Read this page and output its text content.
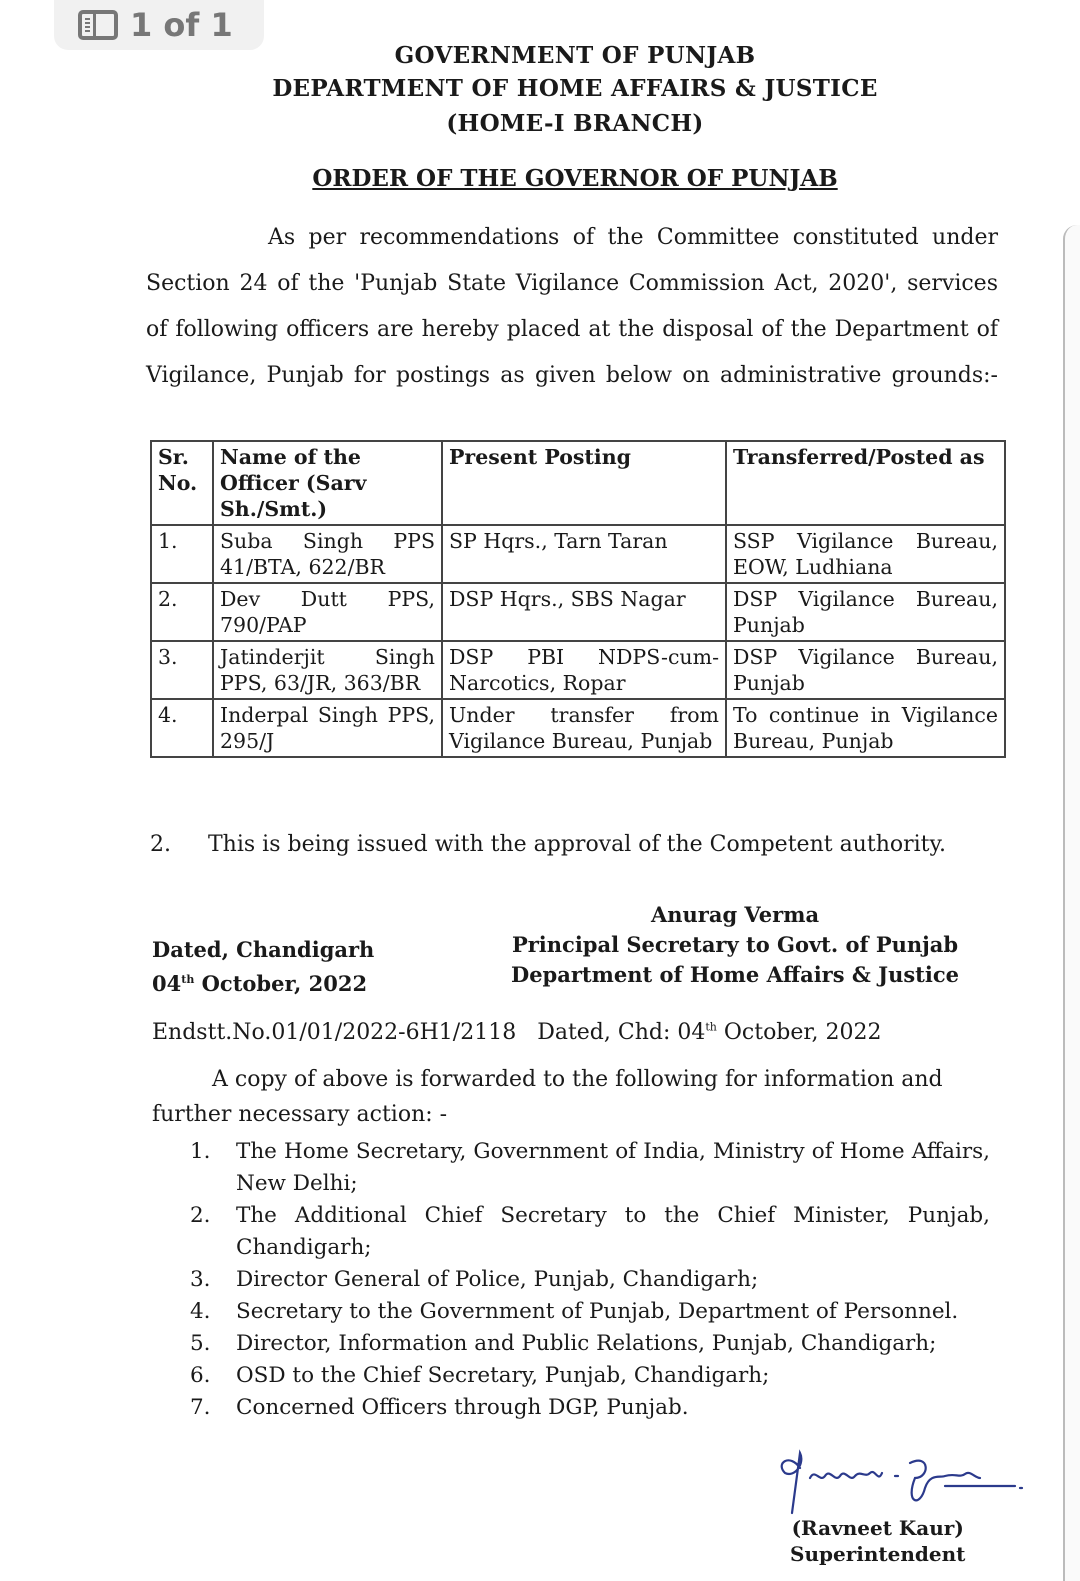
1 of 1
GOVERNMENT OF PUNJAB
DEPARTMENT OF HOME AFFAIRS & JUSTICE
(HOME-I BRANCH)
ORDER OF THE GOVERNOR OF PUNJAB
As per recommendations of the Committee constituted under Section 24 of the 'Punjab State Vigilance Commission Act, 2020', services of following officers are hereby placed at the disposal of the Department of Vigilance, Punjab for postings as given below on administrative grounds:-
Sr. No.	Name of the Officer (Sarv Sh./Smt.)	Present Posting	Transferred/Posted as
1.	Suba Singh PPS 41/BTA, 622/BR	SP Hqrs., Tarn Taran	SSP Vigilance Bureau, EOW, Ludhiana
2.	Dev Dutt PPS, 790/PAP	DSP Hqrs., SBS Nagar	DSP Vigilance Bureau, Punjab
3.	Jatinderjit Singh PPS, 63/JR, 363/BR	DSP PBI NDPS-cum-Narcotics, Ropar	DSP Vigilance Bureau, Punjab
4.	Inderpal Singh PPS, 295/J	Under transfer from Vigilance Bureau, Punjab	To continue in Vigilance Bureau, Punjab
2. This is being issued with the approval of the Competent authority.
Dated, Chandigarh
04th October, 2022
Anurag Verma
Principal Secretary to Govt. of Punjab
Department of Home Affairs & Justice
Endstt.No.01/01/2022-6H1/2118 Dated, Chd: 04th October, 2022
A copy of above is forwarded to the following for information and further necessary action: -
1.	The Home Secretary, Government of India, Ministry of Home Affairs, New Delhi;
2.	The Additional Chief Secretary to the Chief Minister, Punjab, Chandigarh;
3.	Director General of Police, Punjab, Chandigarh;
4.	Secretary to the Government of Punjab, Department of Personnel.
5.	Director, Information and Public Relations, Punjab, Chandigarh;
6.	OSD to the Chief Secretary, Punjab, Chandigarh;
7.	Concerned Officers through DGP, Punjab.
(Ravneet Kaur)
Superintendent
